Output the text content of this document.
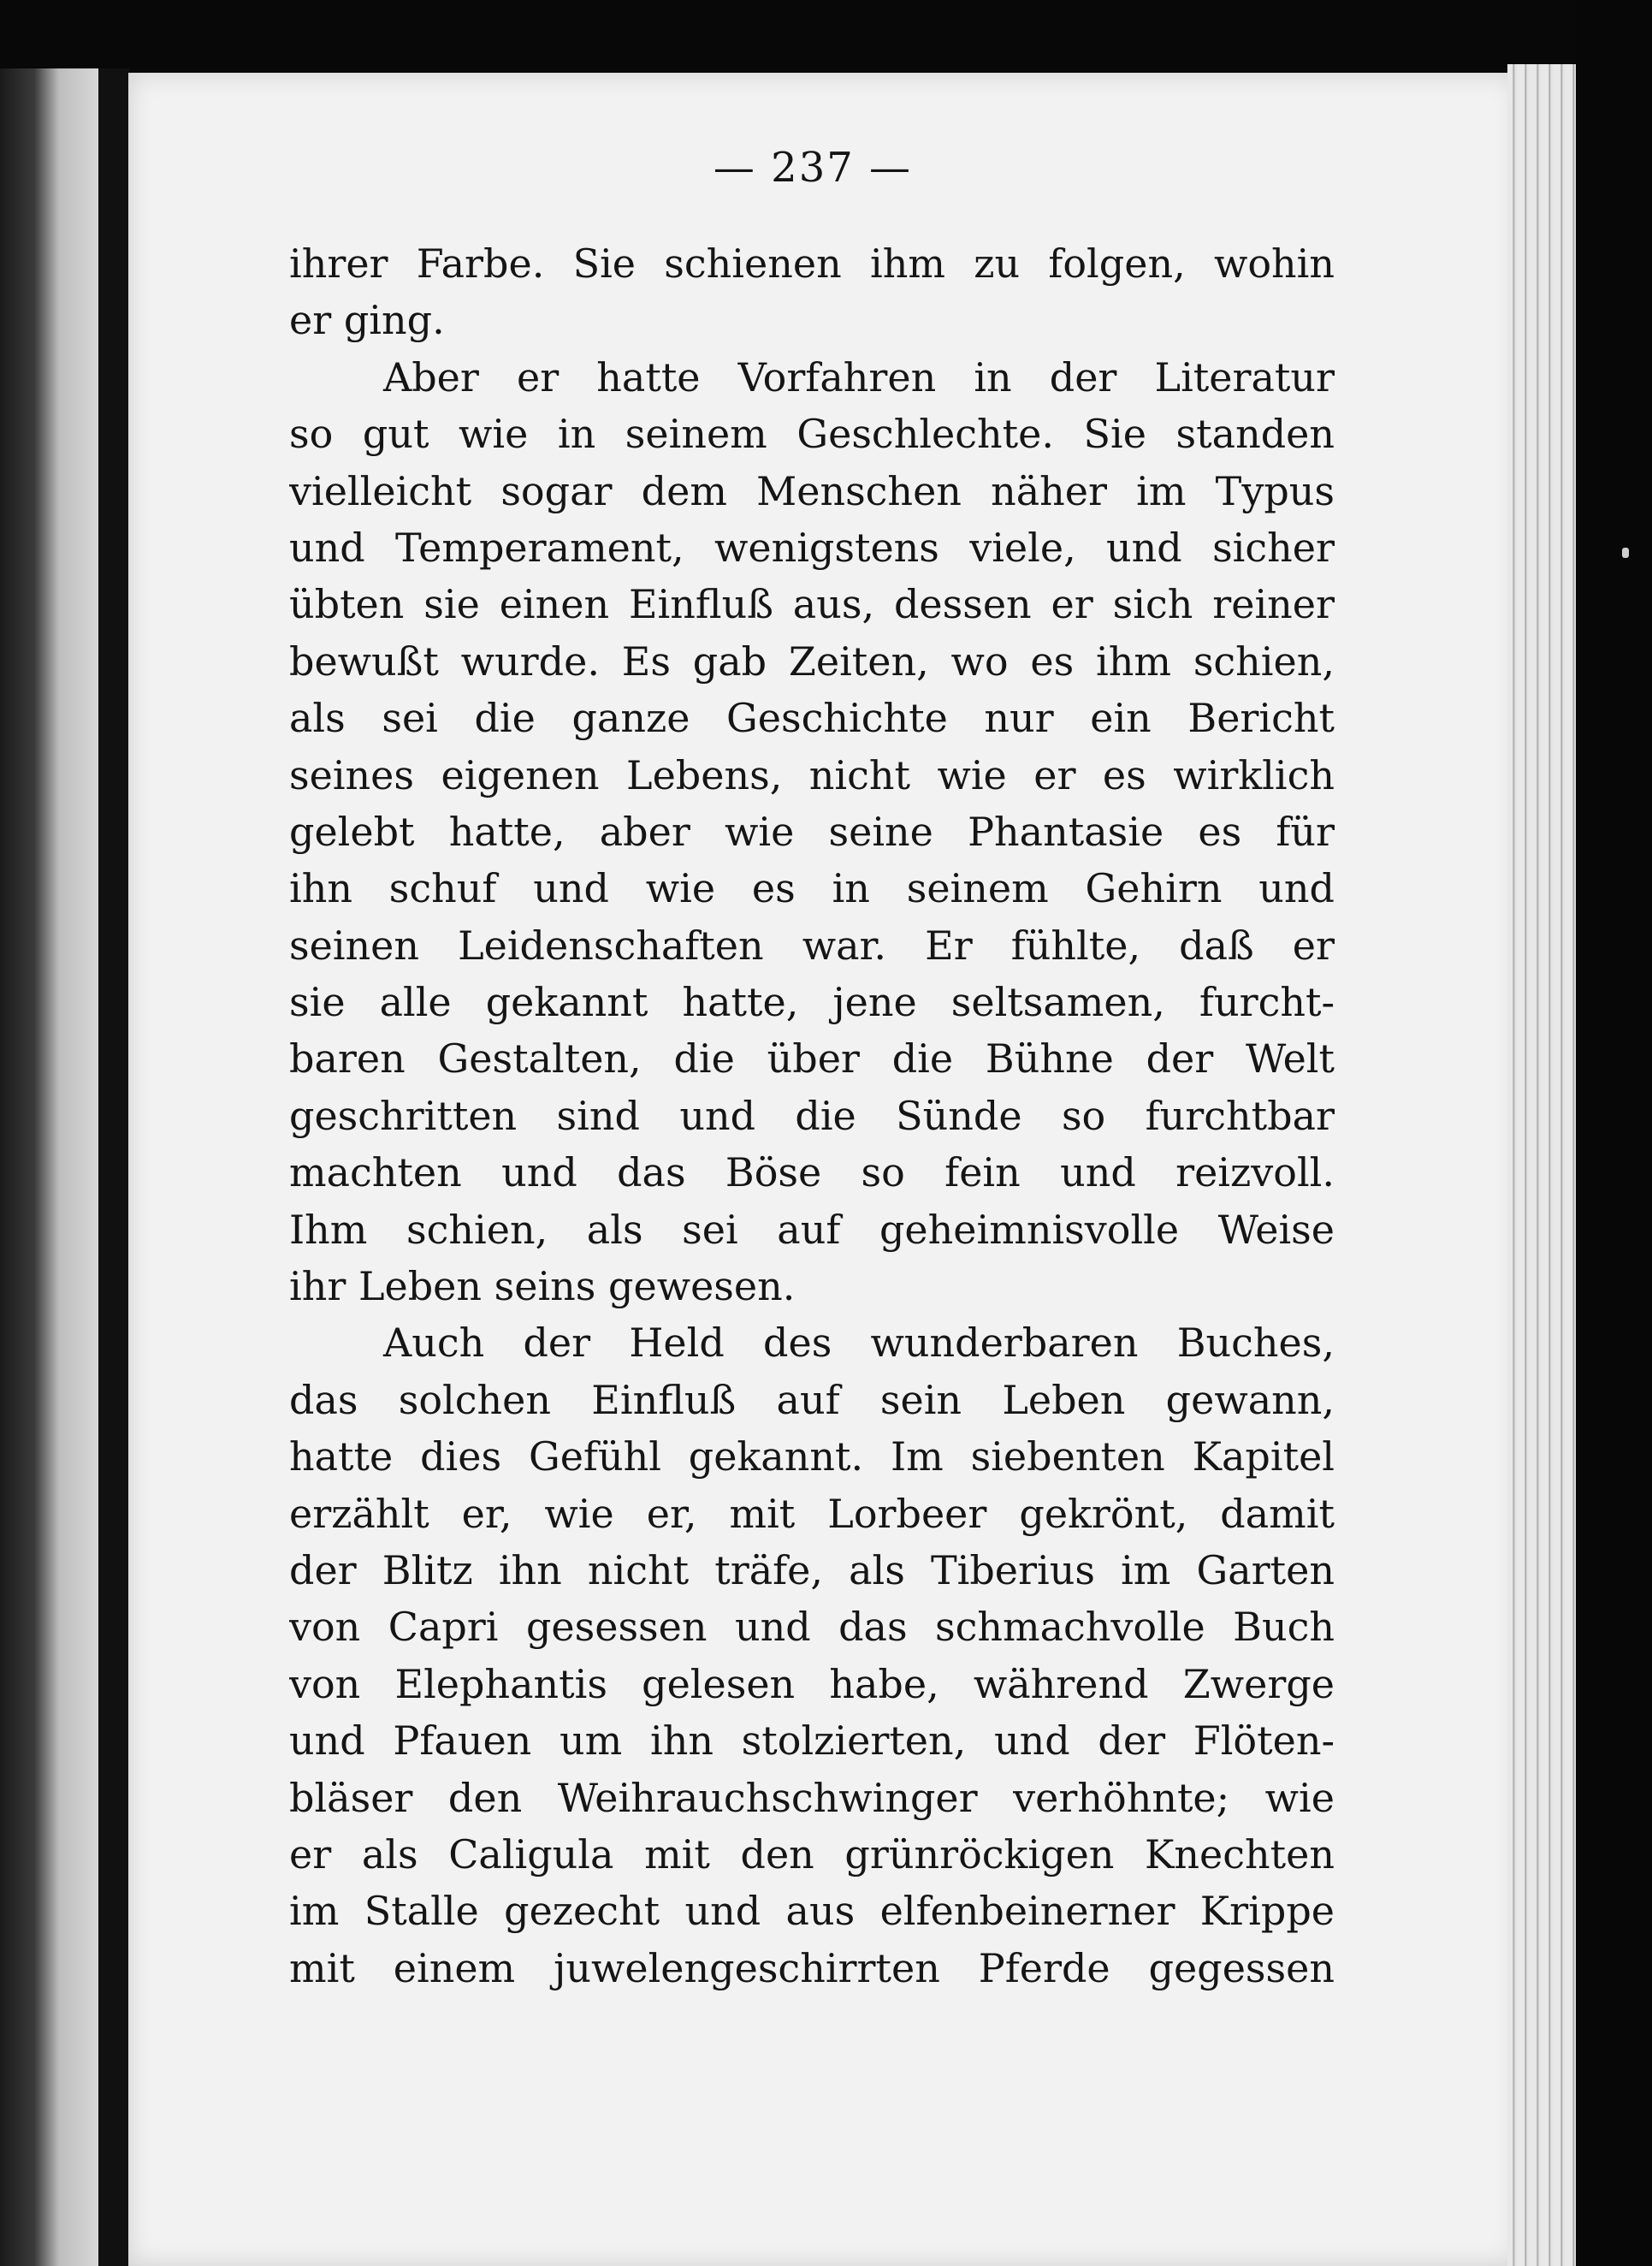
— 237 —
ihrer Farbe. Sie schienen ihm zu folgen, wohin
er ging.
Aber er hatte Vorfahren in der Literatur
so gut wie in seinem Geschlechte. Sie standen
vielleicht sogar dem Menschen näher im Typus
und Temperament, wenigstens viele, und sicher
übten sie einen Einfluß aus, dessen er sich reiner
bewußt wurde. Es gab Zeiten, wo es ihm schien,
als sei die ganze Geschichte nur ein Bericht
seines eigenen Lebens, nicht wie er es wirklich
gelebt hatte, aber wie seine Phantasie es für
ihn schuf und wie es in seinem Gehirn und
seinen Leidenschaften war. Er fühlte, daß er
sie alle gekannt hatte, jene seltsamen, furcht-
baren Gestalten, die über die Bühne der Welt
geschritten sind und die Sünde so furchtbar
machten und das Böse so fein und reizvoll.
Ihm schien, als sei auf geheimnisvolle Weise
ihr Leben seins gewesen.
Auch der Held des wunderbaren Buches,
das solchen Einfluß auf sein Leben gewann,
hatte dies Gefühl gekannt. Im siebenten Kapitel
erzählt er, wie er, mit Lorbeer gekrönt, damit
der Blitz ihn nicht träfe, als Tiberius im Garten
von Capri gesessen und das schmachvolle Buch
von Elephantis gelesen habe, während Zwerge
und Pfauen um ihn stolzierten, und der Flöten-
bläser den Weihrauchschwinger verhöhnte; wie
er als Caligula mit den grünröckigen Knechten
im Stalle gezecht und aus elfenbeinerner Krippe
mit einem juwelengeschirrten Pferde gegessen
